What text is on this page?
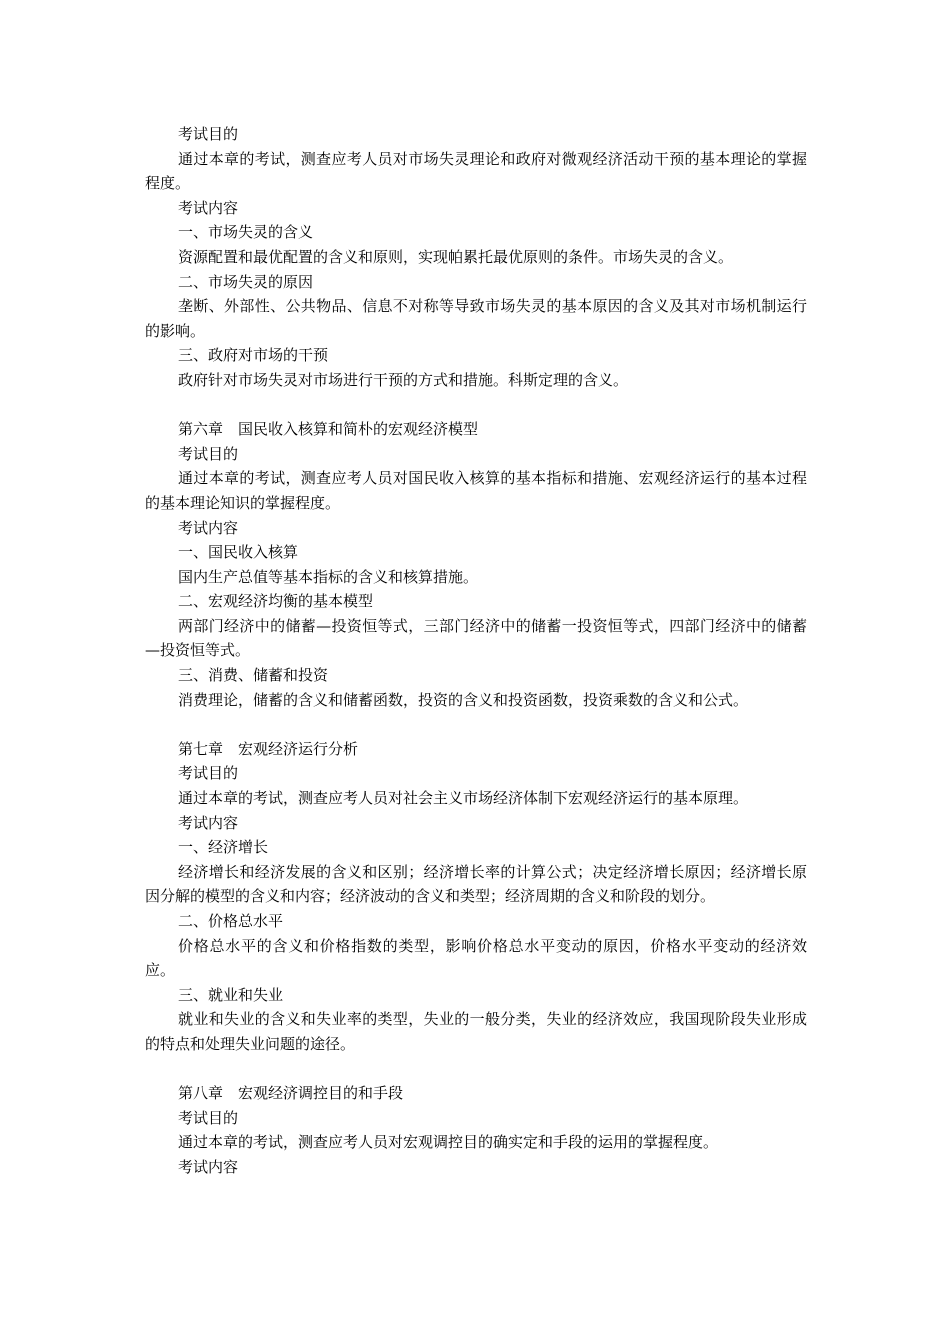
考试目的
通过本章的考试，测查应考人员对市场失灵理论和政府对微观经济活动干预的基本理论的掌握程度。
考试内容
一、市场失灵的含义
资源配置和最优配置的含义和原则，实现帕累托最优原则的条件。市场失灵的含义。
二、市场失灵的原因
垄断、外部性、公共物品、信息不对称等导致市场失灵的基本原因的含义及其对市场机制运行的影响。
三、政府对市场的干预
政府针对市场失灵对市场进行干预的方式和措施。科斯定理的含义。
第六章　国民收入核算和简朴的宏观经济模型
考试目的
通过本章的考试，测查应考人员对国民收入核算的基本指标和措施、宏观经济运行的基本过程的基本理论知识的掌握程度。
考试内容
一、国民收入核算
国内生产总值等基本指标的含义和核算措施。
二、宏观经济均衡的基本模型
两部门经济中的储蓄—投资恒等式，三部门经济中的储蓄一投资恒等式，四部门经济中的储蓄—投资恒等式。
三、消费、储蓄和投资
消费理论，储蓄的含义和储蓄函数，投资的含义和投资函数，投资乘数的含义和公式。
第七章　宏观经济运行分析
考试目的
通过本章的考试，测查应考人员对社会主义市场经济体制下宏观经济运行的基本原理。
考试内容
一、经济增长
经济增长和经济发展的含义和区别；经济增长率的计算公式；决定经济增长原因；经济增长原因分解的模型的含义和内容；经济波动的含义和类型；经济周期的含义和阶段的划分。
二、价格总水平
价格总水平的含义和价格指数的类型，影响价格总水平变动的原因，价格水平变动的经济效应。
三、就业和失业
就业和失业的含义和失业率的类型，失业的一般分类，失业的经济效应，我国现阶段失业形成的特点和处理失业问题的途径。
第八章　宏观经济调控目的和手段
考试目的
通过本章的考试，测查应考人员对宏观调控目的确实定和手段的运用的掌握程度。
考试内容
